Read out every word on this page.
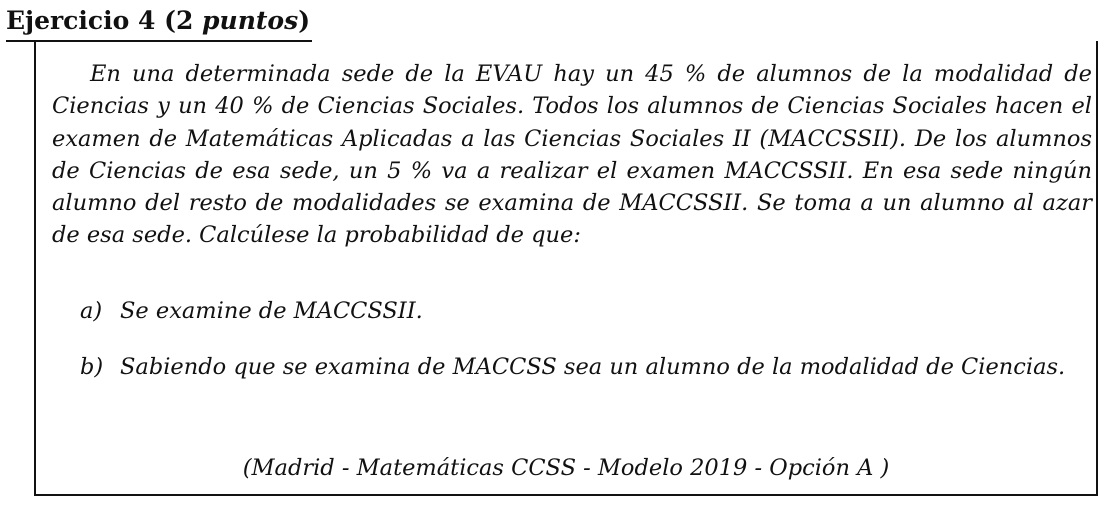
Ejercicio 4 (2 puntos)

En una determinada sede de la EVAU hay un 45 % de alumnos de la modalidad de Ciencias y un 40 % de Ciencias Sociales. Todos los alumnos de Ciencias Sociales hacen el examen de Matemáticas Aplicadas a las Ciencias Sociales II (MACCSSII). De los alumnos de Ciencias de esa sede, un 5 % va a realizar el examen MACCSSII. En esa sede ningún alumno del resto de modalidades se examina de MACCSSII. Se toma a un alumno al azar de esa sede. Calcúlese la probabilidad de que:

a) Se examine de MACCSSII.
b) Sabiendo que se examina de MACCSS sea un alumno de la modalidad de Ciencias.
(Madrid - Matemáticas CCSS - Modelo 2019 - Opción A )
